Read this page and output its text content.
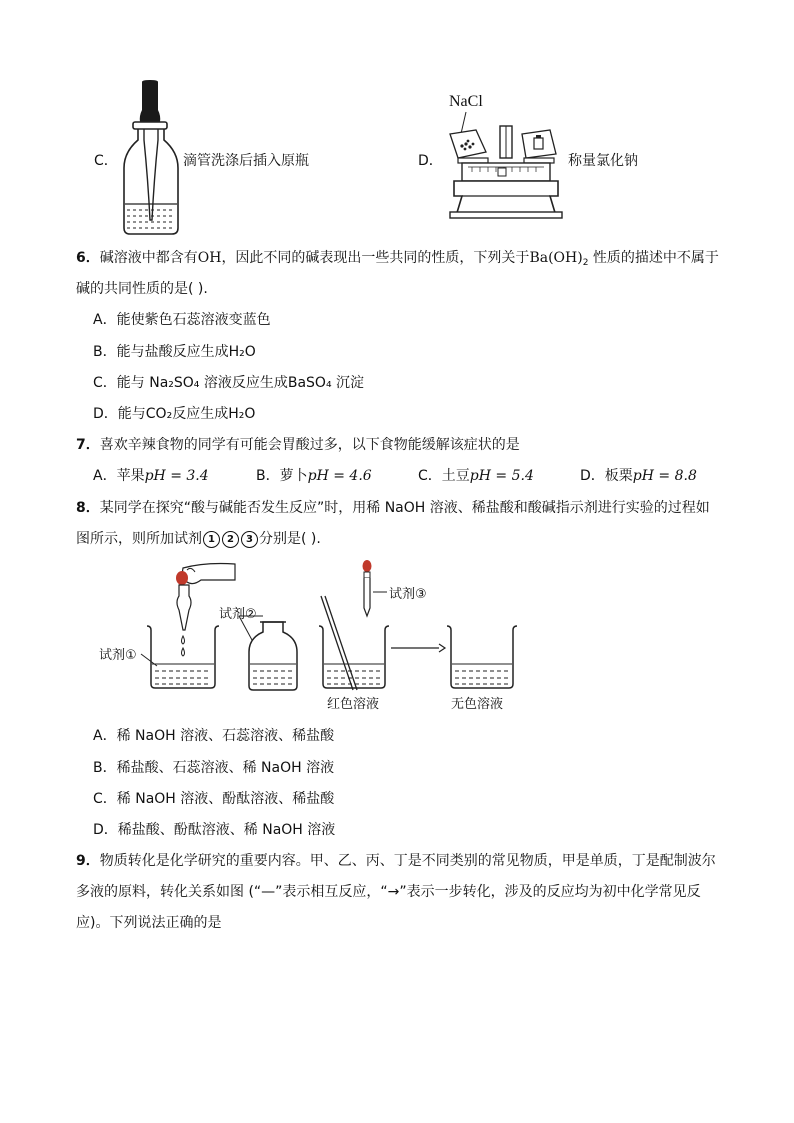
C．	滴管洗涤后插入原瓶	D．
NaCl
称量氯化钠
6．碱溶液中都含有OH，因此不同的碱表现出一些共同的性质，下列关于$Ba(OH)_2$ 性质的描述中不属于
碱的共同性质的是( ).
A．能使紫色石蕊溶液变蓝色
B．能与盐酸反应生成H₂O
C．能与 Na₂SO₄ 溶液反应生成BaSO₄ 沉淀
D．能与CO₂反应生成H₂O
7．喜欢辛辣食物的同学有可能会胃酸过多，以下食物能缓解该症状的是
A．苹果pH = 3.4	B．萝卜pH = 4.6	C．土豆pH = 5.4	D．板栗pH = 8.8
8．某同学在探究“酸与碱能否发生反应”时，用稀 NaOH 溶液、稀盐酸和酸碱指示剂进行实验的过程如
图所示，则所加试剂 1 2 3 分别是( ).
试剂①
试剂②
试剂③
红色溶液	无色溶液
A．稀 NaOH 溶液、石蕊溶液、稀盐酸
B．稀盐酸、石蕊溶液、稀 NaOH 溶液
C．稀 NaOH 溶液、酚酞溶液、稀盐酸
D．稀盐酸、酚酞溶液、稀 NaOH 溶液
9．物质转化是化学研究的重要内容。甲、乙、丙、丁是不同类别的常见物质，甲是单质，丁是配制波尔
多液的原料，转化关系如图 (“—”表示相互反应，“→”表示一步转化，涉及的反应均为初中化学常见反
应)。下列说法正确的是
